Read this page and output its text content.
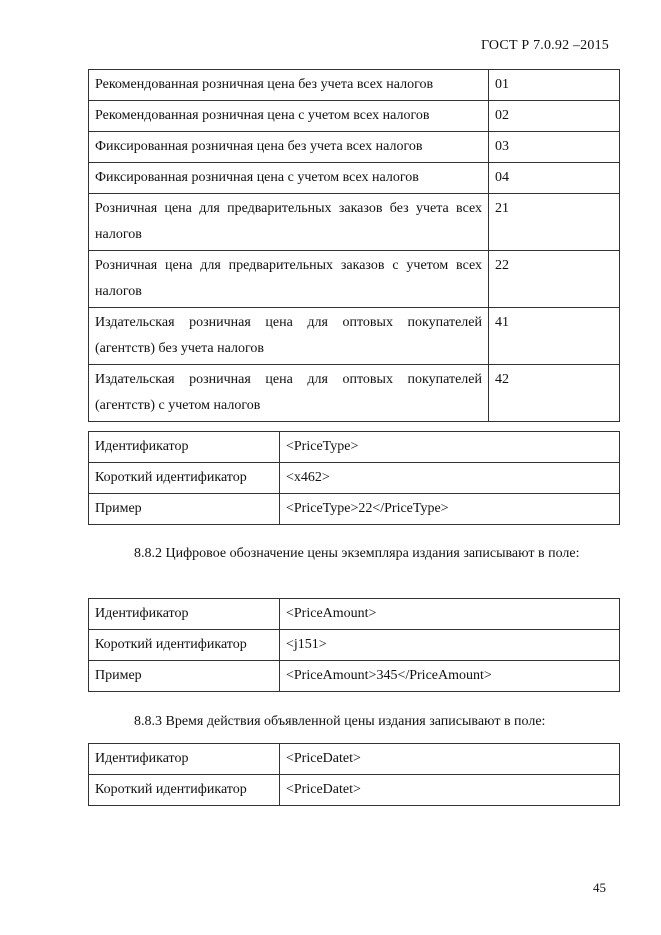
ГОСТ Р 7.0.92 –2015
Рекомендованная розничная цена без учета всех налогов	01
Рекомендованная розничная цена с учетом всех налогов	02
Фиксированная розничная цена без учета всех налогов	03
Фиксированная розничная цена с учетом всех налогов	04
Розничная цена для предварительных заказов без учета всех налогов	21
Розничная цена для предварительных заказов с учетом всех налогов	22
Издательская розничная цена для оптовых покупателей (агентств) без учета налогов	41
Издательская розничная цена для оптовых покупателей (агентств) с учетом налогов	42
Идентификатор	<PriceType>
Короткий идентификатор	<x462>
Пример	<PriceType>22</PriceType>
8.8.2 Цифровое обозначение цены экземпляра издания записывают в поле:
Идентификатор	<PriceAmount>
Короткий идентификатор	<j151>
Пример	<PriceAmount>345</PriceAmount>
8.8.3 Время действия объявленной цены издания записывают в поле:
Идентификатор	<PriceDatet>
Короткий идентификатор	<PriceDatet>
45
